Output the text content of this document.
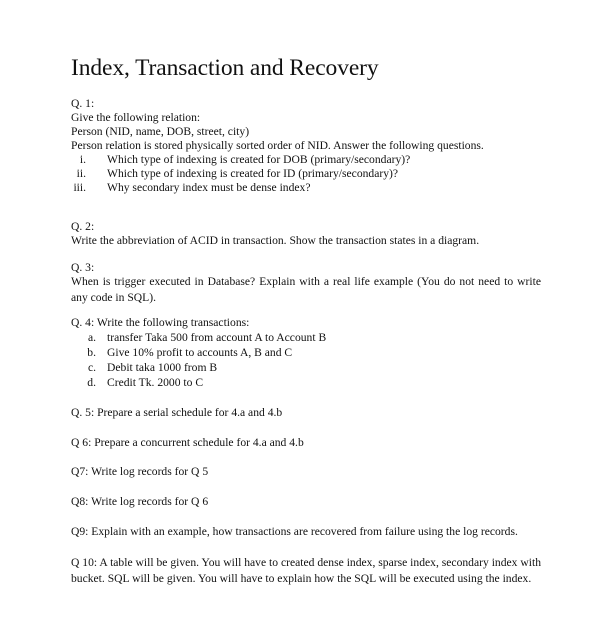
Index, Transaction and Recovery
Q. 1:
Give the following relation:
Person (NID, name, DOB, street, city)
Person relation is stored physically sorted order of NID. Answer the following questions.
i. Which type of indexing is created for DOB (primary/secondary)?
ii. Which type of indexing is created for ID (primary/secondary)?
iii. Why secondary index must be dense index?
Q. 2:
Write the abbreviation of ACID in transaction. Show the transaction states in a diagram.
Q. 3:
When is trigger executed in Database? Explain with a real life example (You do not need to write any code in SQL).
Q. 4: Write the following transactions:
a. transfer Taka 500 from account A to Account B
b. Give 10% profit to accounts A, B and C
c. Debit taka 1000 from B
d. Credit Tk. 2000 to C
Q. 5: Prepare a serial schedule for 4.a and 4.b
Q 6: Prepare a concurrent schedule for 4.a and 4.b
Q7: Write log records for Q 5
Q8: Write log records for Q 6
Q9: Explain with an example, how transactions are recovered from failure using the log records.
Q 10: A table will be given. You will have to created dense index, sparse index, secondary index with bucket. SQL will be given. You will have to explain how the SQL will be executed using the index.
